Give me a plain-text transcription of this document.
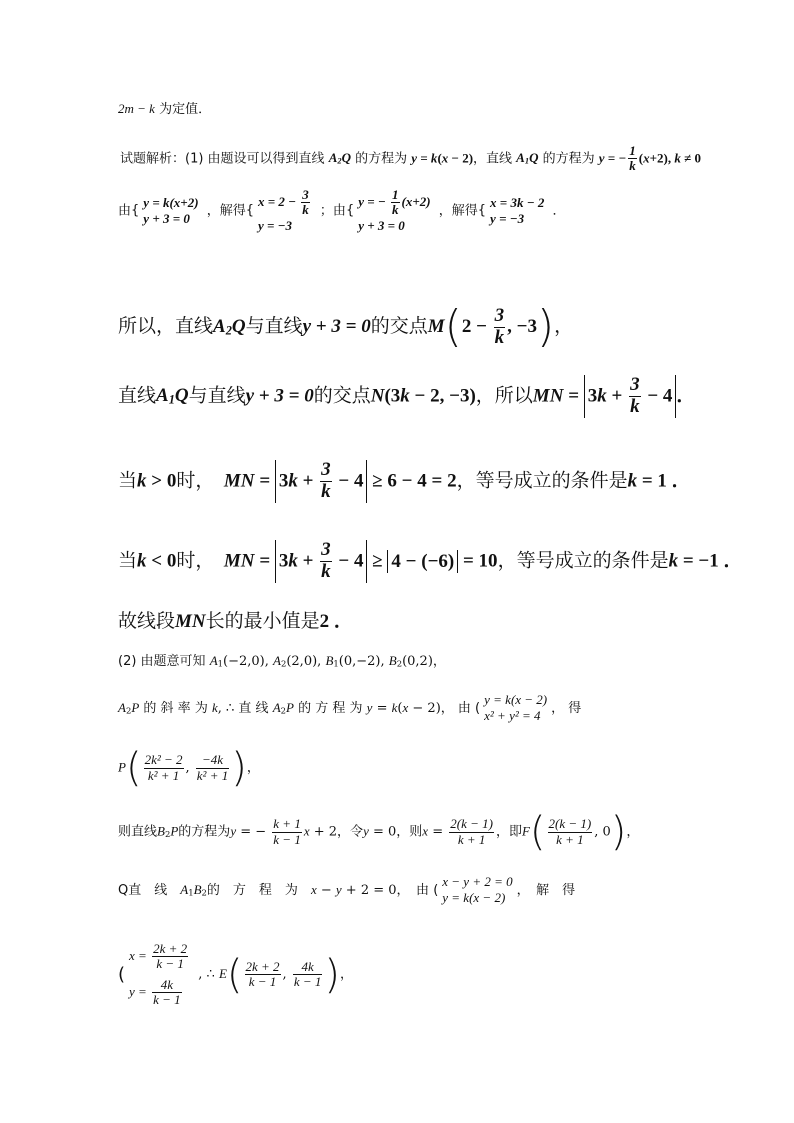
2m − k 为定值．
试题解析：(1) 由题设可以得到直线 $A_2Q$ 的方程为 y = k(x − 2)，直线 $A_1Q$ 的方程为 y = − $\frac{1}{k} (x+2)$, k ≠ 0
由{
y = k(x+2)
y + 3 = 0	，解得{
$x = 2 - \frac{3}{k}$
y = −3
；由{
y = − $\frac{1}{k} (x+2)$
y + 3 = 0
，解得{
x = 3k − 2
y = −3	．
所以，直线$A_2Q$与直线y + 3 = 0的交点$M(2 - \frac{3}{k}$ , −3)，
直线$A_1Q$与直线y + 3 = 0的交点N(3k − 2, −3)，所以MN = $3k + \frac{3}{k} - 4$ ．
当k > 0时，　 MN = $3k + \frac{3}{k} - 4 \ge 6 - 4 = 2$，等号成立的条件是k = 1 ．
当k < 0时，　 MN = $3k + \frac{3}{k} - 4 \ge 4 - (-6) = 10$，等号成立的条件是k = −1 ．
故线段MN长的最小值是2 ．
(2) 由题意可知 $A_1(-2,0)$, $A_2(2,0)$, $B_1(0,-2)$, $B_2(0,2)$，
$A_2P$ 的 斜 率 为 k, ∴ 直 线 $A_2P$ 的 方 程 为 y = k(x − 2)， 由 (
y = k(x − 2)
x² + y² = 4 ， 得
$P( \frac{\text{2k² − 2}}{\text{k² + 1}}$ , $\frac{-4k}{\text{k² + 1}}$ )，
则直线$B_2P$的方程为y = − $\frac{k + 1}{k - 1}$ x + 2，令y = 0，则$x = \frac{2(k - 1)}{k + 1}$ ，即$F( \frac{2(k - 1)}{k + 1}$ , 0)，
Q直　线　 $A_1B_2$的　方　程　为　 x − y + 2 = 0，　由 (
x − y + 2 = 0
y = k(x − 2) ，　解　得
(
$x = \frac{2k + 2}{k - 1}$
$y = \frac{4k}{k - 1}$
, ∴ $E( \frac{2k + 2}{k - 1}$ , $\frac{4k}{k - 1}$ )，
